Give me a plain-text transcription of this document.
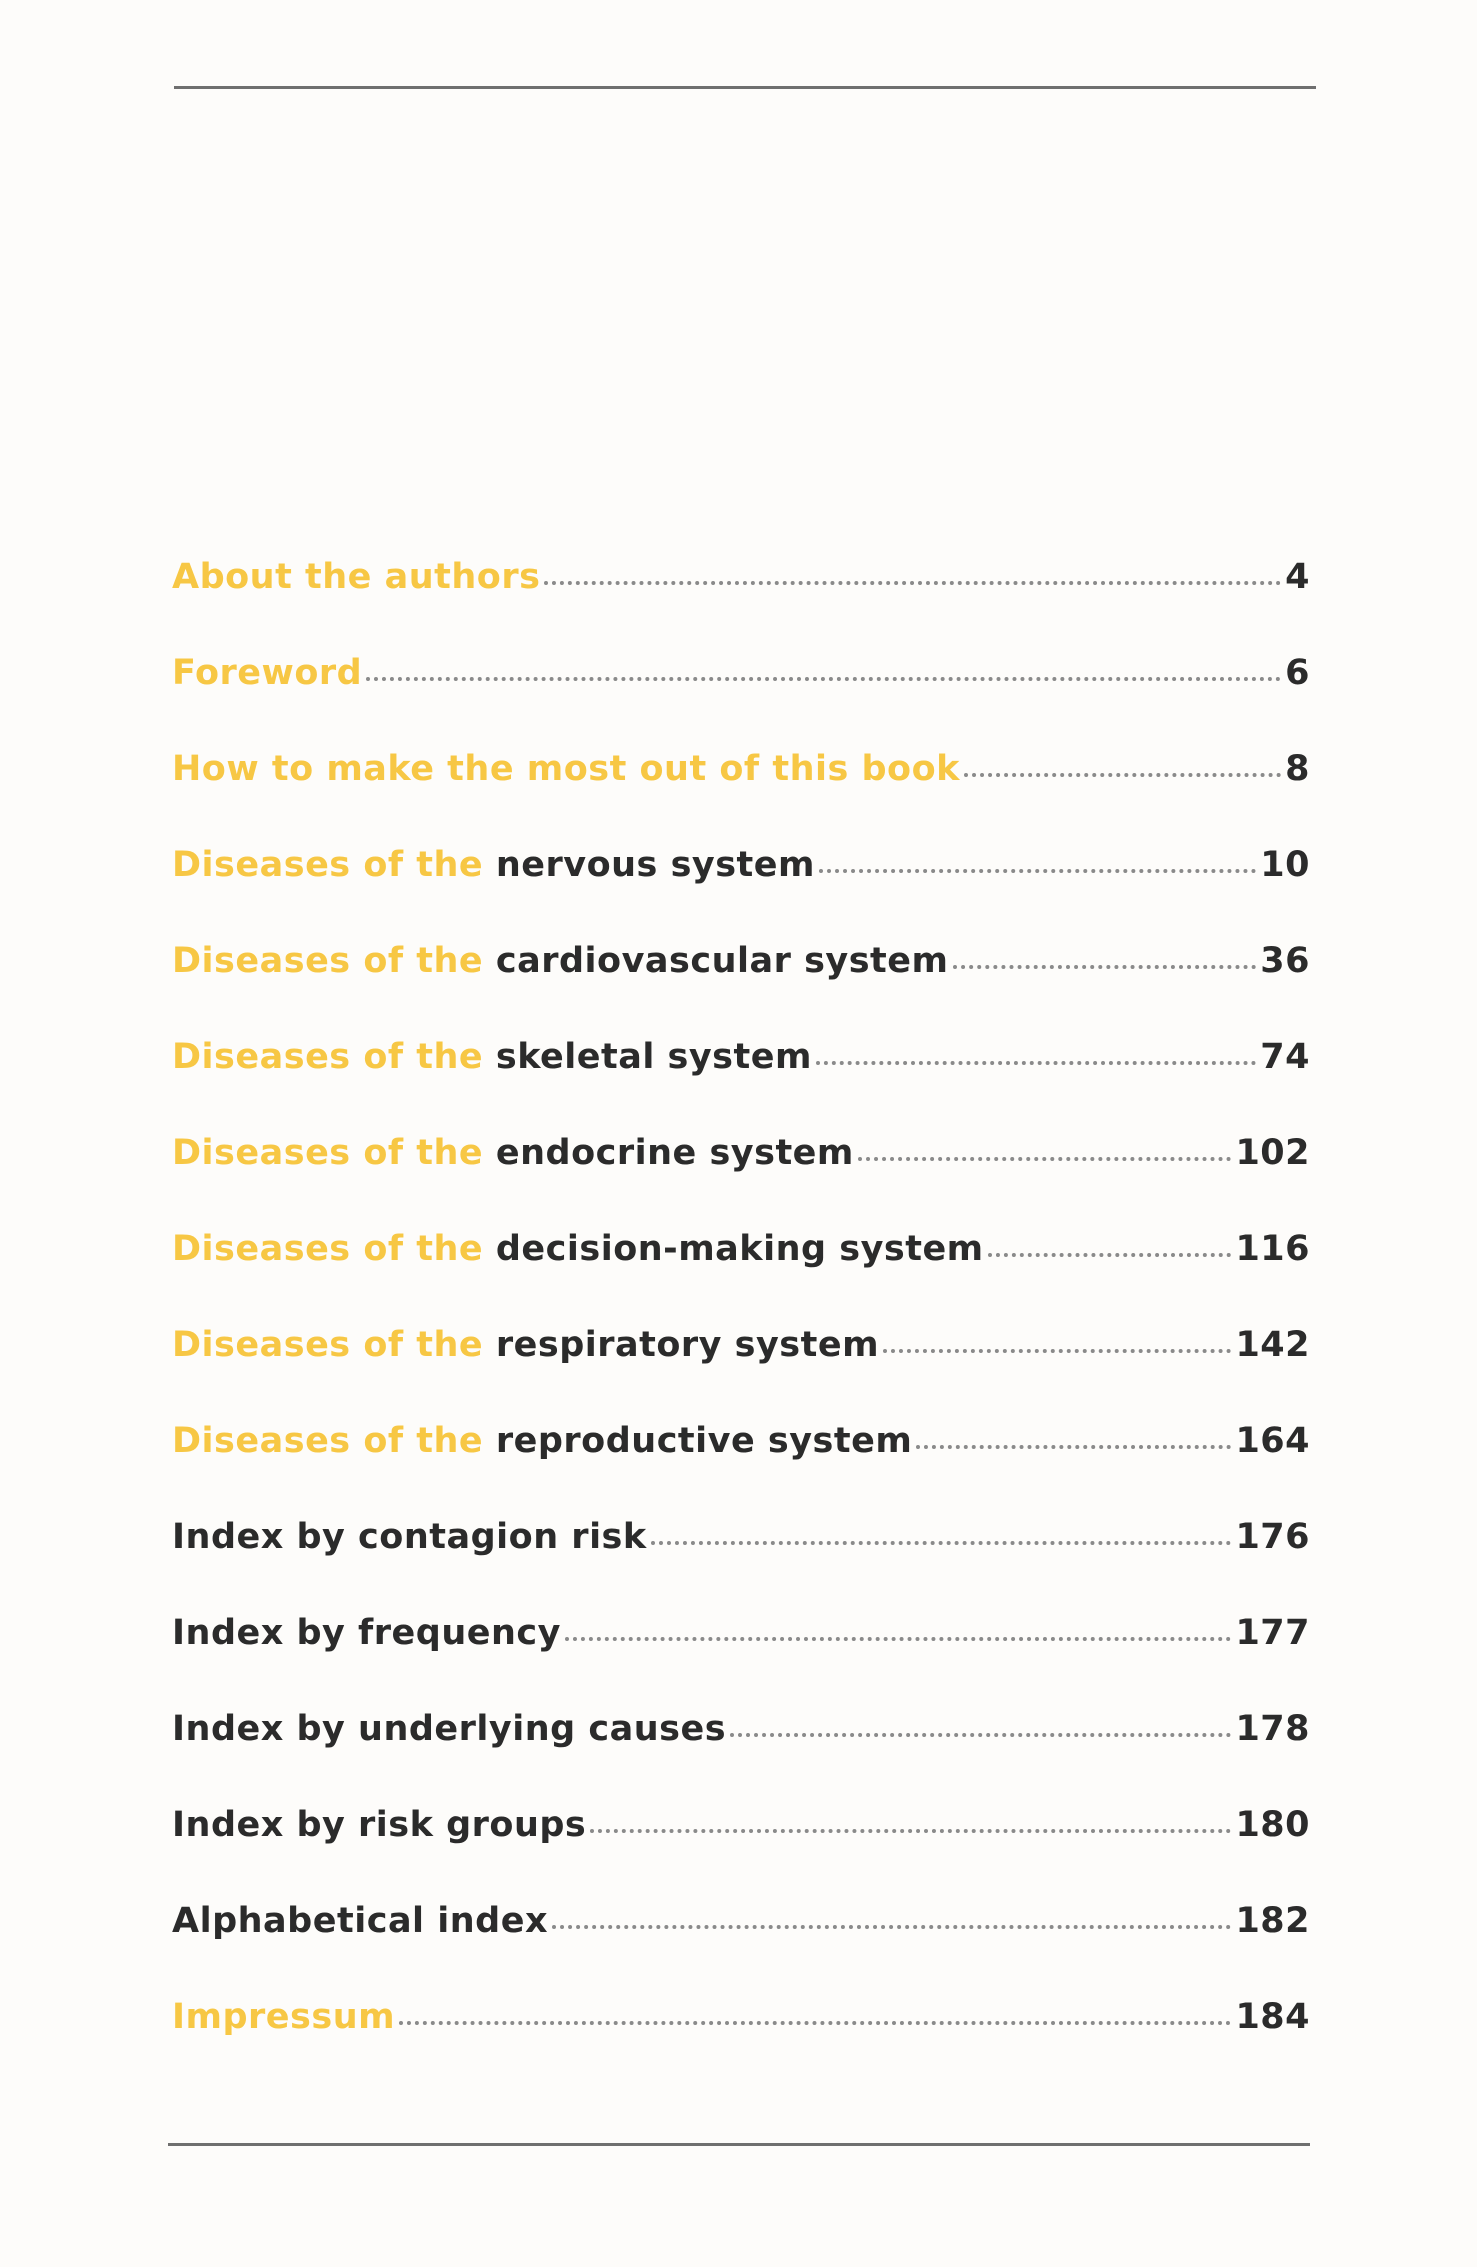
About the authors	4
Foreword	6
How to make the most out of this book	8
Diseases of the nervous system	10
Diseases of the cardiovascular system	36
Diseases of the skeletal system	74
Diseases of the endocrine system	102
Diseases of the decision-making system	116
Diseases of the respiratory system	142
Diseases of the reproductive system	164
Index by contagion risk	176
Index by frequency	177
Index by underlying causes	178
Index by risk groups	180
Alphabetical index	182
Impressum	184
